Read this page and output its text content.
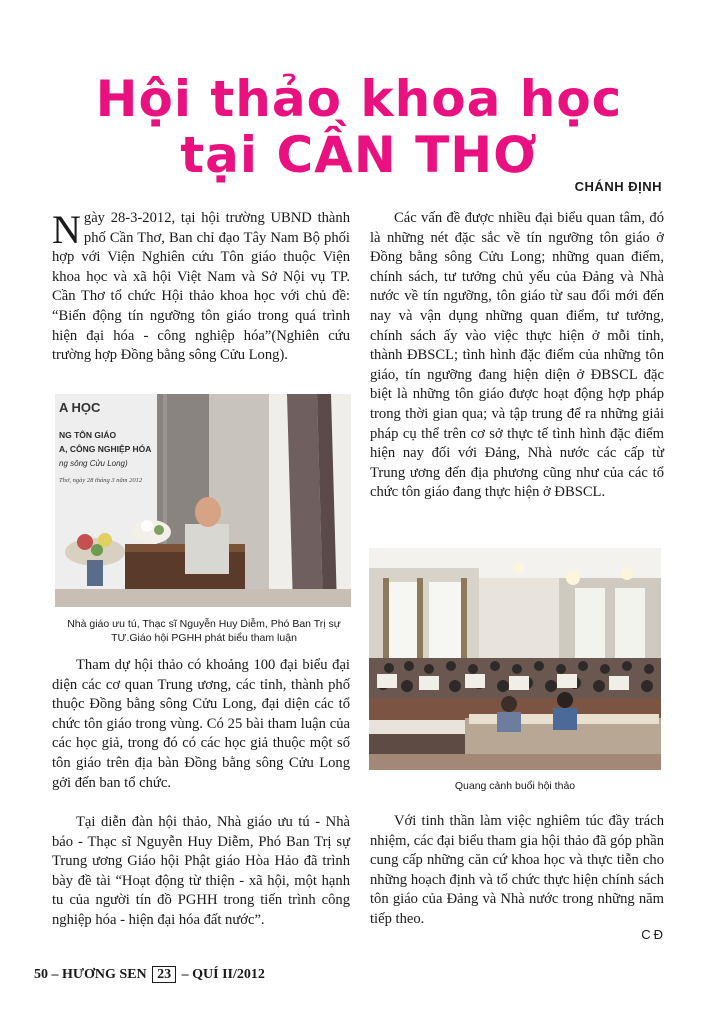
Hội thảo khoa học
tại CẦN THƠ
CHÁNH ĐỊNH

Ngày 28-3-2012, tại hội trường UBND thành phố Cần Thơ, Ban chỉ đạo Tây Nam Bộ phối hợp với Viện Nghiên cứu Tôn giáo thuộc Viện khoa học và xã hội Việt Nam và Sở Nội vụ TP. Cần Thơ tổ chức Hội thảo khoa học với chủ đề: “Biến động tín ngưỡng tôn giáo trong quá trình hiện đại hóa - công nghiệp hóa”(Nghiên cứu trường hợp Đồng bằng sông Cửu Long).

A HỌC
NG TÔN GIÁO
A, CÔNG NGHIỆP HÓA
ng sông Cửu Long)
Thơ, ngày 28 tháng 3 năm 2012
Nhà giáo ưu tú, Thạc sĩ Nguyễn Huy Diễm, Phó Ban Trị sự
TƯ.Giáo hội PGHH phát biểu tham luận

Tham dự hội thảo có khoảng 100 đại biểu đại diện các cơ quan Trung ương, các tỉnh, thành phố thuộc Đồng bằng sông Cửu Long, đại diện các tổ chức tôn giáo trong vùng. Có 25 bài tham luận của các học giả, trong đó có các học giả thuộc một số tôn giáo trên địa bàn Đồng bằng sông Cửu Long gởi đến ban tổ chức.

Tại diễn đàn hội thảo, Nhà giáo ưu tú - Nhà báo - Thạc sĩ Nguyễn Huy Diễm, Phó Ban Trị sự Trung ương Giáo hội Phật giáo Hòa Hảo đã trình bày đề tài “Hoạt động từ thiện - xã hội, một hạnh tu của người tín đồ PGHH trong tiến trình công nghiệp hóa - hiện đại hóa đất nước”.

Các vấn đề được nhiều đại biểu quan tâm, đó là những nét đặc sắc về tín ngưỡng tôn giáo ở Đồng bằng sông Cửu Long; những quan điểm, chính sách, tư tưởng chủ yếu của Đảng và Nhà nước về tín ngưỡng, tôn giáo từ sau đổi mới đến nay và vận dụng những quan điểm, tư tưởng, chính sách ấy vào việc thực hiện ở mỗi tỉnh, thành ĐBSCL; tình hình đặc điểm của những tôn giáo, tín ngưỡng đang hiện diện ở ĐBSCL đặc biệt là những tôn giáo được hoạt động hợp pháp trong thời gian qua; và tập trung để ra những giải pháp cụ thể trên cơ sở thực tế tình hình đặc điểm hiện nay đối với Đảng, Nhà nước các cấp từ Trung ương đến địa phương cũng như của các tổ chức tôn giáo đang thực hiện ở ĐBSCL.

Quang cảnh buổi hội thảo

Với tinh thần làm việc nghiêm túc đầy trách nhiệm, các đại biểu tham gia hội thảo đã góp phần cung cấp những căn cứ khoa học và thực tiễn cho những hoạch định và tổ chức thực hiện chính sách tôn giáo của Đảng và Nhà nước trong những năm tiếp theo.

CĐ
50 – HƯƠNG SEN 23 – QUÍ II/2012
